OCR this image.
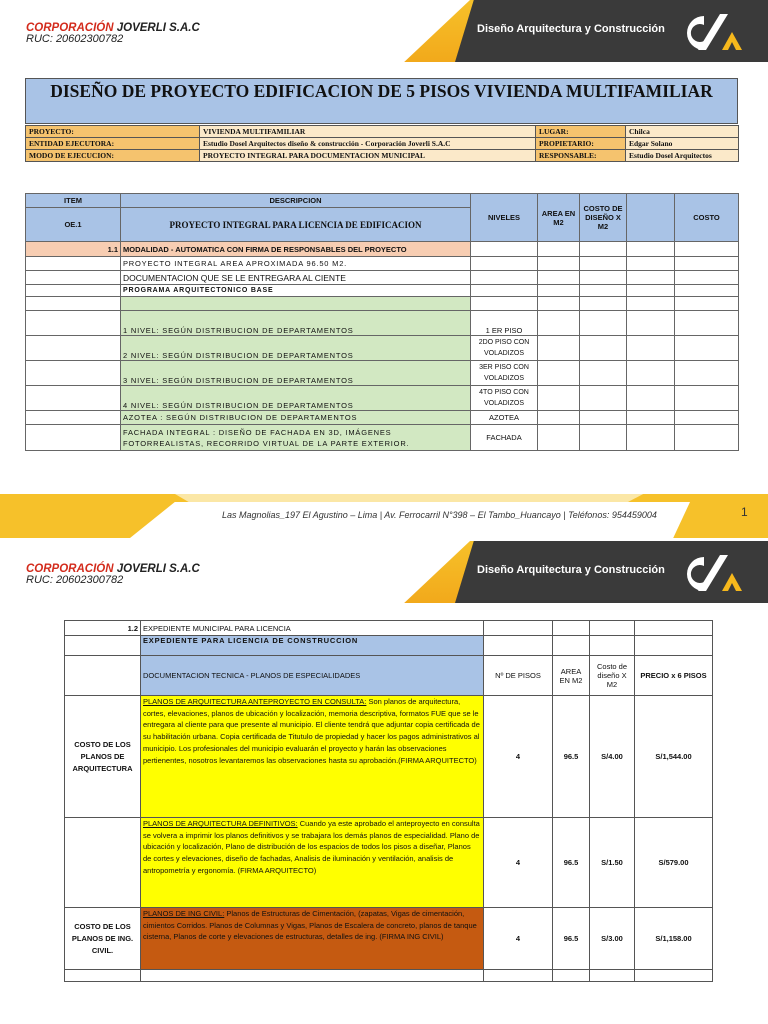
CORPORACIÓN JOVERLI S.A.C
RUC: 20602300782
Diseño Arquitectura y Construcción
DISEÑO DE PROYECTO EDIFICACION DE 5 PISOS VIVIENDA MULTIFAMILIAR
PROYECTO:	VIVIENDA MULTIFAMILIAR	LUGAR:	Chilca
ENTIDAD EJECUTORA:	Estudio Dosel Arquitectos diseño & construcción - Corporación Joverli S.A.C	PROPIETARIO:	Edgar Solano
MODO DE EJECUCION:	PROYECTO INTEGRAL PARA DOCUMENTACION MUNICIPAL	RESPONSABLE:	Estudio Dosel Arquitectos
ITEM	DESCRIPCION	NIVELES	AREA EN M2	COSTO DE DISEÑO X M2		COSTO
OE.1	PROYECTO INTEGRAL PARA LICENCIA DE EDIFICACION					
1.1	MODALIDAD - AUTOMATICA CON FIRMA DE RESPONSABLES DEL PROYECTO					
	PROYECTO INTEGRAL AREA APROXIMADA 96.50 M2.					
	DOCUMENTACION QUE SE LE ENTREGARA AL CIENTE					
	PROGRAMA ARQUITECTONICO BASE					

	1 NIVEL: SEGÚN DISTRIBUCION DE DEPARTAMENTOS	1 ER PISO				
	2 NIVEL: SEGÚN DISTRIBUCION DE DEPARTAMENTOS	2DO PISO CON VOLADIZOS				
	3 NIVEL: SEGÚN DISTRIBUCION DE DEPARTAMENTOS	3ER PISO CON VOLADIZOS				
	4 NIVEL: SEGÚN DISTRIBUCION DE DEPARTAMENTOS	4TO PISO CON VOLADIZOS				
	AZOTEA : SEGÚN DISTRIBUCION DE DEPARTAMENTOS	AZOTEA				
	FACHADA INTEGRAL : DISEÑO DE FACHADA EN 3D, IMÁGENES FOTORREALISTAS, RECORRIDO VIRTUAL DE LA PARTE EXTERIOR.	FACHADA				
Las Magnolias_197 El Agustino – Lima | Av. Ferrocarril N°398 – El Tambo_Huancayo | Teléfonos: 954459004	1
CORPORACIÓN JOVERLI S.A.C
RUC: 20602300782
Diseño Arquitectura y Construcción
1.2	EXPEDIENTE MUNICIPAL PARA LICENCIA				
	EXPEDIENTE PARA LICENCIA DE CONSTRUCCION				
	DOCUMENTACION TECNICA - PLANOS DE ESPECIALIDADES	Nº DE PISOS	AREA EN M2	Costo de diseño X M2	PRECIO x 6 PISOS
COSTO DE LOS PLANOS DE ARQUITECTURA	PLANOS DE ARQUITECTURA ANTEPROYECTO EN CONSULTA: Son planos de arquitectura, cortes, elevaciones, planos de ubicación y localización, memoria descriptiva, formatos FUE que se le entregara al cliente para que presente al municipio. El cliente tendrá que adjuntar copia certificada de su habilitación urbana. Copia certificada de Titutulo de propiedad y hacer los pagos administrativos al municipio. Los profesionales del municipio evaluarán el proyecto y harán las observaciones pertienentes, nosotros levantaremos las observaciones hasta su aprobación.(FIRMA ARQUITECTO)	4	96.5	S/4.00	S/1,544.00
	PLANOS DE ARQUITECTURA DEFINITIVOS: Cuando ya este aprobado el anteproyecto en consulta se volvera a imprimir los planos definitivos y se trabajara los demás planos de especialidad. Plano de ubicación y localización, Plano de distribución de los espacios de todos los pisos a diseñar, Planos de cortes y elevaciones, diseño de fachadas, Analisis de iluminación y ventilación, analisis de antropometría y ergonomía. (FIRMA ARQUITECTO)	4	96.5	S/1.50	S/579.00
COSTO DE LOS PLANOS DE ING. CIVIL.	PLANOS DE ING CIVIL: Planos de Estructuras de Cimentación, (zapatas, Vigas de cimentación, cimientos Corridos. Planos de Columnas y Vigas, Planos de Escalera de concreto, planos de tanque cisterna, Planos de corte y elevaciones de estructuras, detalles de ing. (FIRMA ING CIVIL)	4	96.5	S/3.00	S/1,158.00
